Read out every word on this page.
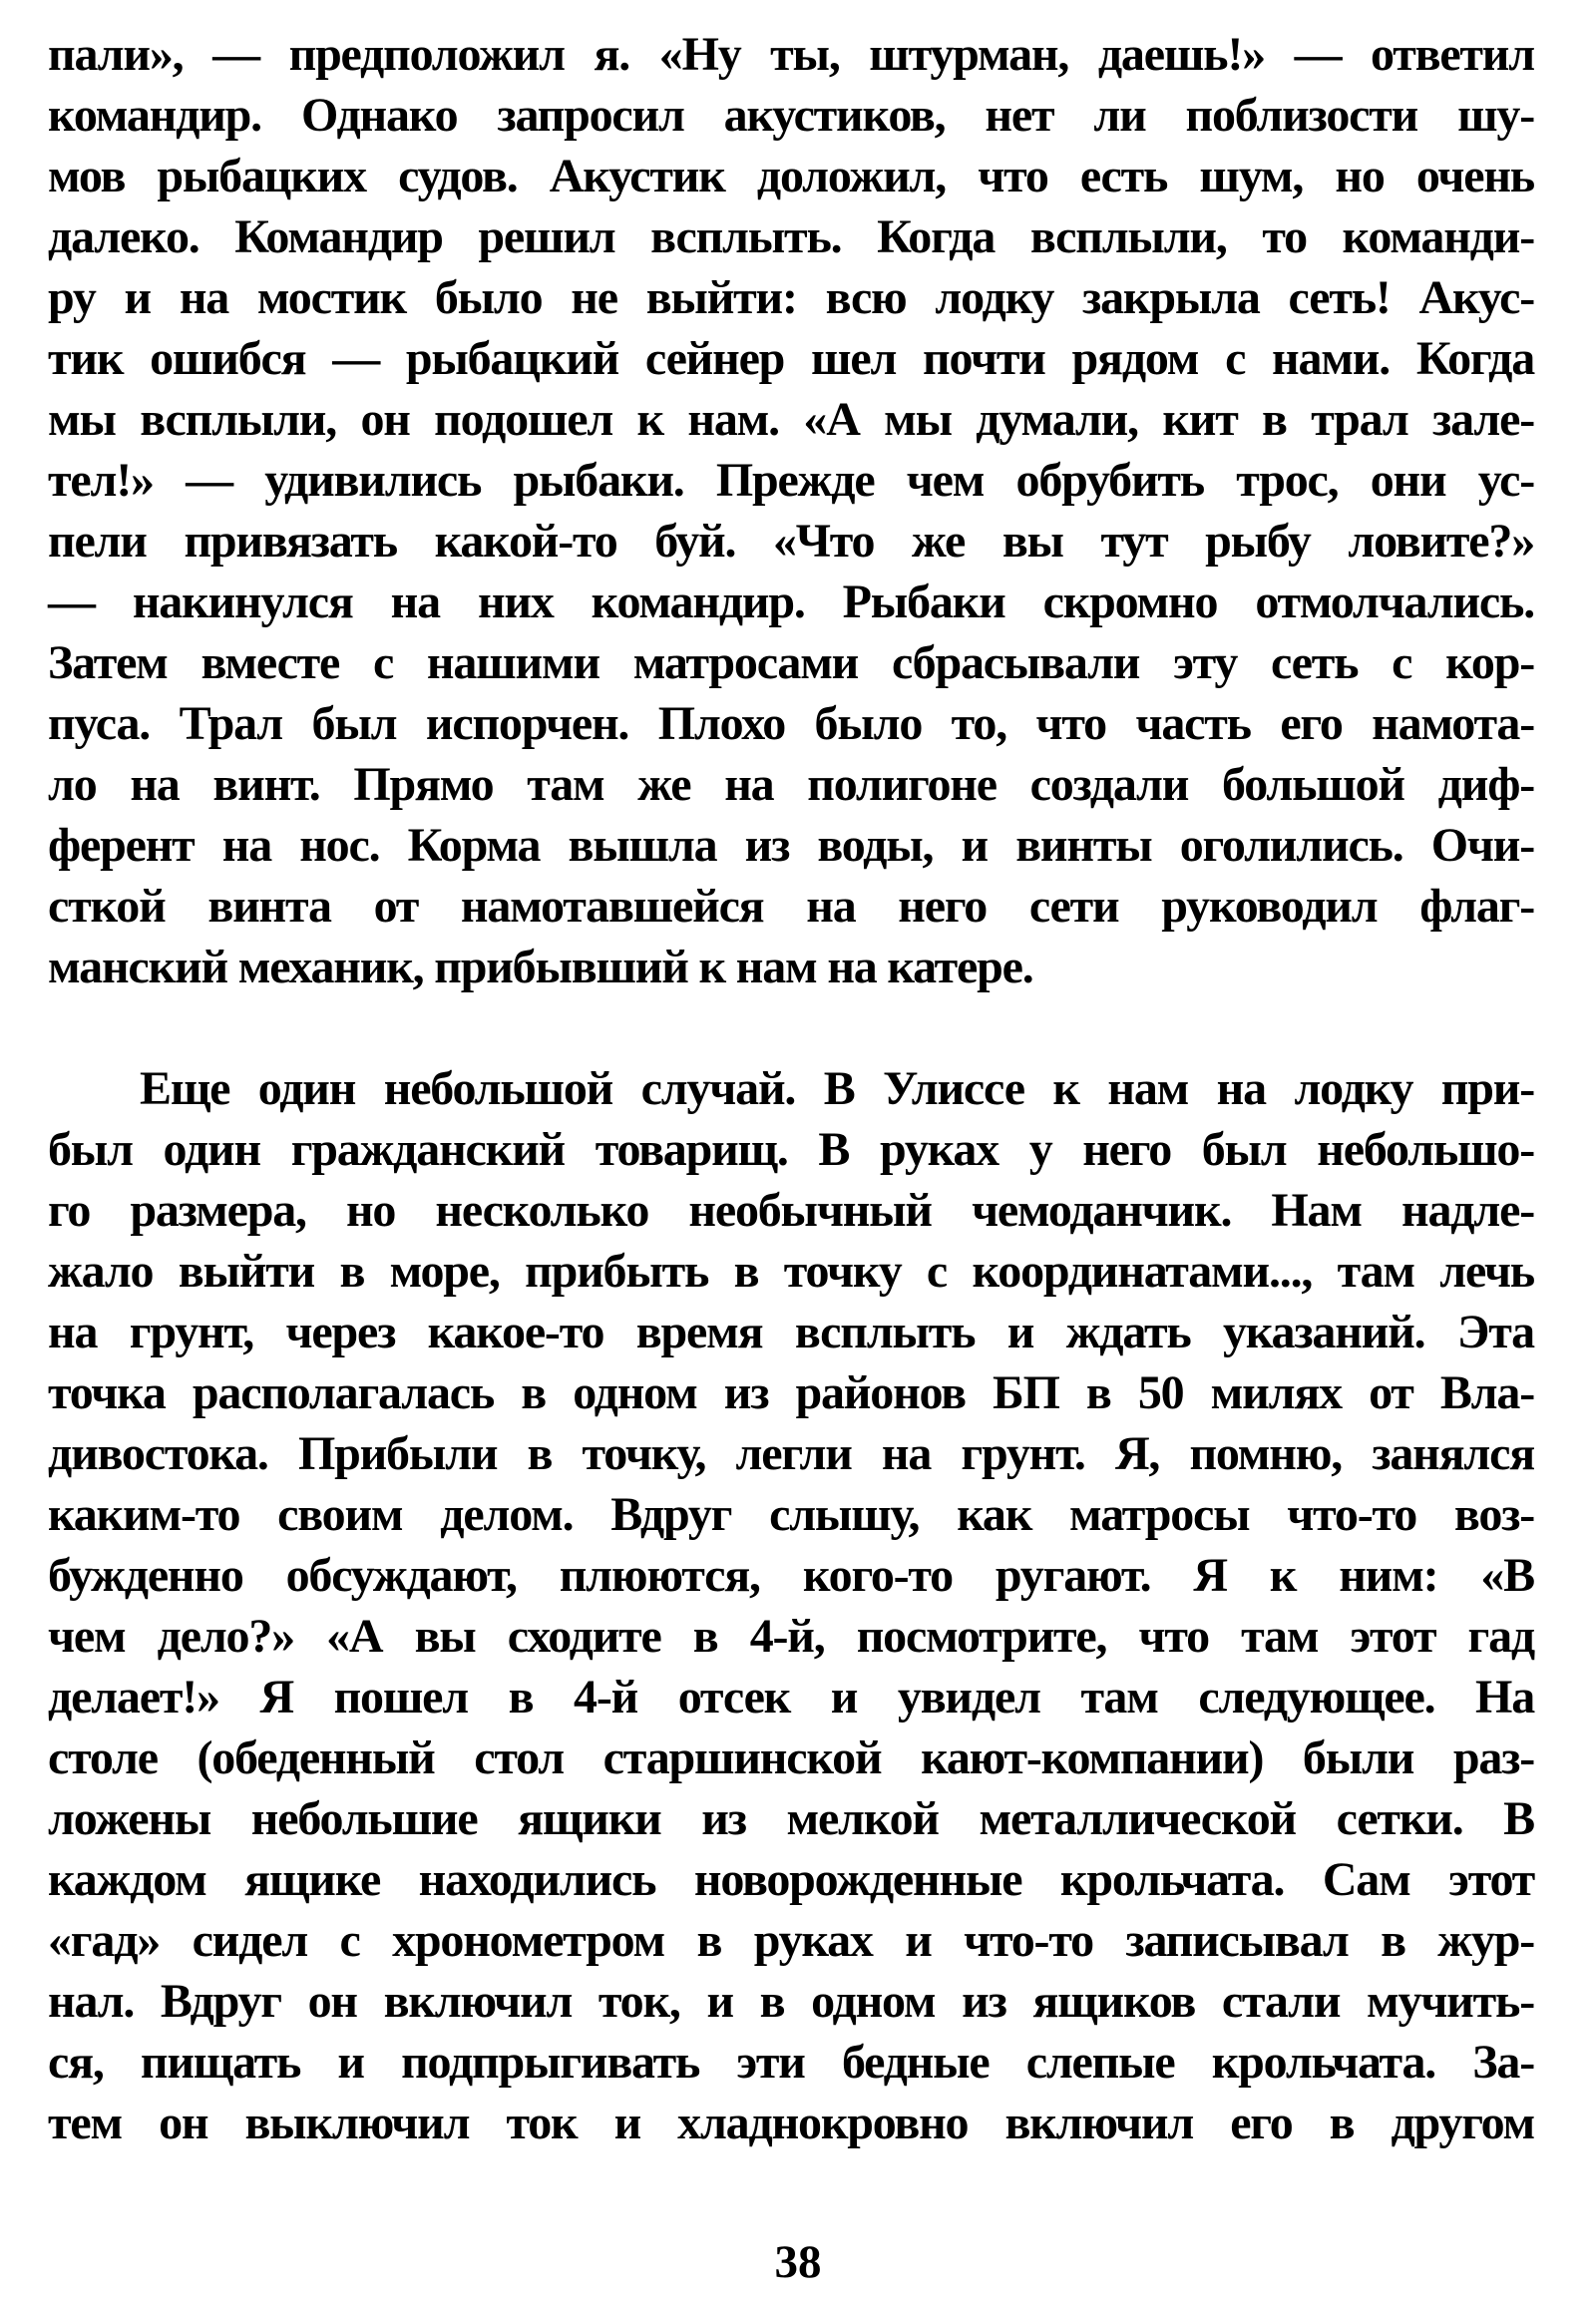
пали», — предположил я. «Ну ты, штурман, даешь!» — ответил
командир. Однако запросил акустиков, нет ли поблизости шу-
мов рыбацких судов. Акустик доложил, что есть шум, но очень
далеко. Командир решил всплыть. Когда всплыли, то команди-
ру и на мостик было не выйти: всю лодку закрыла сеть! Акус-
тик ошибся — рыбацкий сейнер шел почти рядом с нами. Когда
мы всплыли, он подошел к нам. «А мы думали, кит в трал зале-
тел!» — удивились рыбаки. Прежде чем обрубить трос, они ус-
пели привязать какой-то буй. «Что же вы тут рыбу ловите?»
— накинулся на них командир. Рыбаки скромно отмолчались.
Затем вместе с нашими матросами сбрасывали эту сеть с кор-
пуса. Трал был испорчен. Плохо было то, что часть его намота-
ло на винт. Прямо там же на полигоне создали большой диф-
ферент на нос. Корма вышла из воды, и винты оголились. Очи-
сткой винта от намотавшейся на него сети руководил флаг-
манский механик, прибывший к нам на катере.
Еще один небольшой случай. В Улиссе к нам на лодку при-
был один гражданский товарищ. В руках у него был небольшо-
го размера, но несколько необычный чемоданчик. Нам надле-
жало выйти в море, прибыть в точку с координатами..., там лечь
на грунт, через какое-то время всплыть и ждать указаний. Эта
точка располагалась в одном из районов БП в 50 милях от Вла-
дивостока. Прибыли в точку, легли на грунт. Я, помню, занялся
каким-то своим делом. Вдруг слышу, как матросы что-то воз-
бужденно обсуждают, плюются, кого-то ругают. Я к ним: «В
чем дело?» «А вы сходите в 4-й, посмотрите, что там этот гад
делает!» Я пошел в 4-й отсек и увидел там следующее. На
столе (обеденный стол старшинской кают-компании) были раз-
ложены небольшие ящики из мелкой металлической сетки. В
каждом ящике находились новорожденные крольчата. Сам этот
«гад» сидел с хронометром в руках и что-то записывал в жур-
нал. Вдруг он включил ток, и в одном из ящиков стали мучить-
ся, пищать и подпрыгивать эти бедные слепые крольчата. За-
тем он выключил ток и хладнокровно включил его в другом
38
